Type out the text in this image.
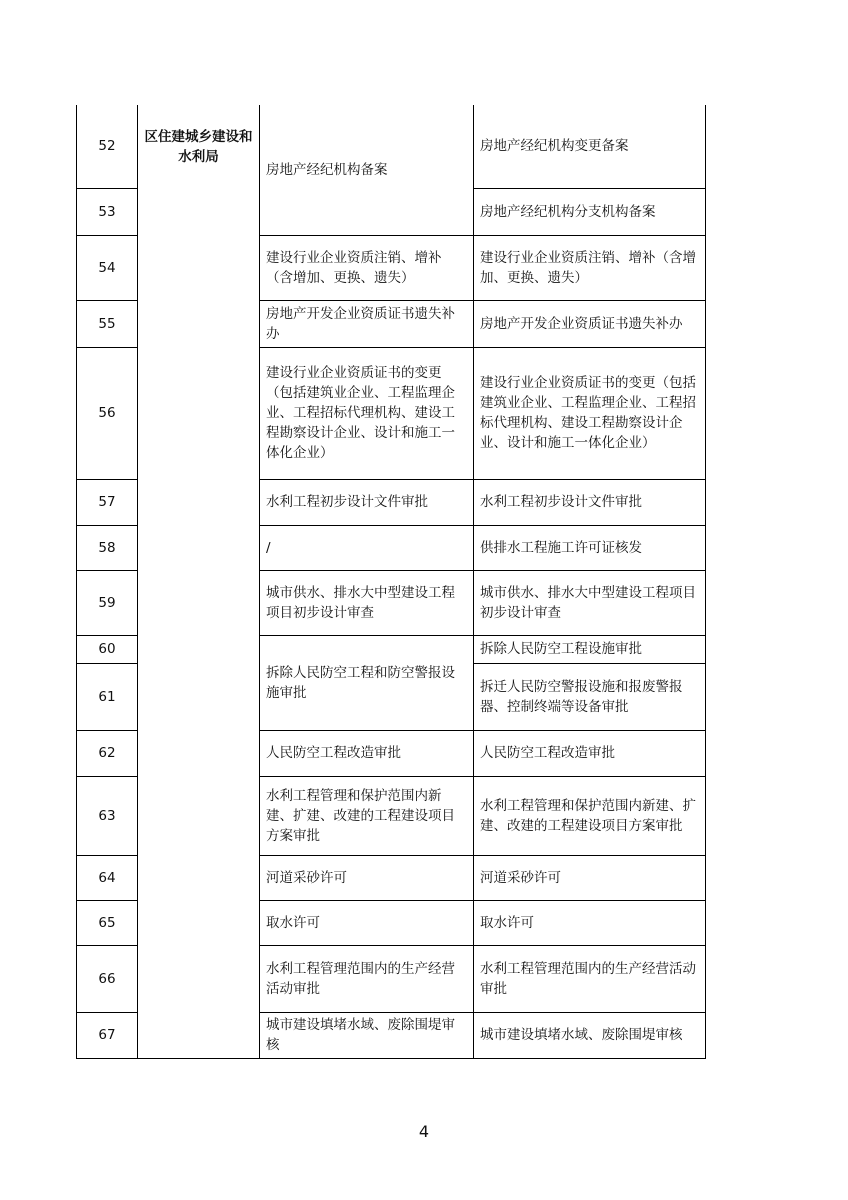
52	区住建城乡建设和水利局	房地产经纪机构备案	房地产经纪机构变更备案
53			房地产经纪机构分支机构备案
54		建设行业企业资质注销、增补（含增加、更换、遗失）	建设行业企业资质注销、增补（含增加、更换、遗失）
55		房地产开发企业资质证书遗失补办	房地产开发企业资质证书遗失补办
56		建设行业企业资质证书的变更（包括建筑业企业、工程监理企业、工程招标代理机构、建设工程勘察设计企业、设计和施工一体化企业）	建设行业企业资质证书的变更（包括建筑业企业、工程监理企业、工程招标代理机构、建设工程勘察设计企业、设计和施工一体化企业）
57		水利工程初步设计文件审批	水利工程初步设计文件审批
58		/	供排水工程施工许可证核发
59		城市供水、排水大中型建设工程项目初步设计审查	城市供水、排水大中型建设工程项目初步设计审查
60		拆除人民防空工程和防空警报设施审批	拆除人民防空工程设施审批
61			拆迁人民防空警报设施和报废警报器、控制终端等设备审批
62		人民防空工程改造审批	人民防空工程改造审批
63		水利工程管理和保护范围内新建、扩建、改建的工程建设项目方案审批	水利工程管理和保护范围内新建、扩建、改建的工程建设项目方案审批
64		河道采砂许可	河道采砂许可
65		取水许可	取水许可
66		水利工程管理范围内的生产经营活动审批	水利工程管理范围内的生产经营活动审批
67		城市建设填堵水域、废除围堤审核	城市建设填堵水域、废除围堤审核
4
